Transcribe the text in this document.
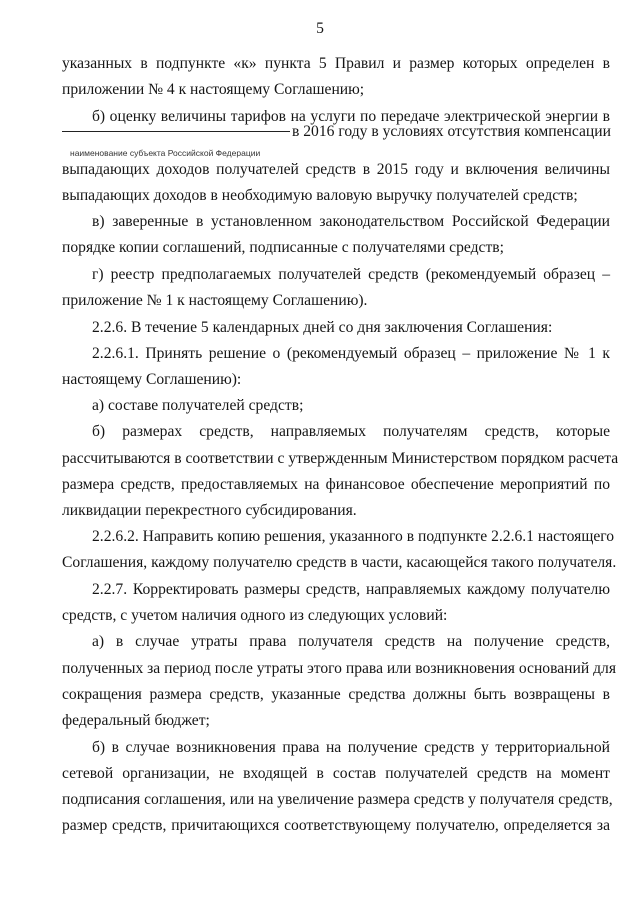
5
указанных в подпункте «к» пункта 5 Правил и размер которых определен в
приложении № 4 к настоящему Соглашению;
б) оценку величины тарифов на услуги по передаче электрической энергии в
в 2016 году в условиях отсутствия компенсации
наименование субъекта Российской Федерации
выпадающих доходов получателей средств в 2015 году и включения величины
выпадающих доходов в необходимую валовую выручку получателей средств;
в) заверенные в установленном законодательством Российской Федерации
порядке копии соглашений, подписанные с получателями средств;
г) реестр предполагаемых получателей средств (рекомендуемый образец –
приложение № 1 к настоящему Соглашению).
2.2.6. В течение 5 календарных дней со дня заключения Соглашения:
2.2.6.1. Принять решение о (рекомендуемый образец – приложение № 1 к
настоящему Соглашению):
а) составе получателей средств;
б) размерах средств, направляемых получателям средств, которые
рассчитываются в соответствии с утвержденным Министерством порядком расчета
размера средств, предоставляемых на финансовое обеспечение мероприятий по
ликвидации перекрестного субсидирования.
2.2.6.2. Направить копию решения, указанного в подпункте 2.2.6.1 настоящего
Соглашения, каждому получателю средств в части, касающейся такого получателя.
2.2.7. Корректировать размеры средств, направляемых каждому получателю
средств, с учетом наличия одного из следующих условий:
а) в случае утраты права получателя средств на получение средств,
полученных за период после утраты этого права или возникновения оснований для
сокращения размера средств, указанные средства должны быть возвращены в
федеральный бюджет;
б) в случае возникновения права на получение средств у территориальной
сетевой организации, не входящей в состав получателей средств на момент
подписания соглашения, или на увеличение размера средств у получателя средств,
размер средств, причитающихся соответствующему получателю, определяется за
